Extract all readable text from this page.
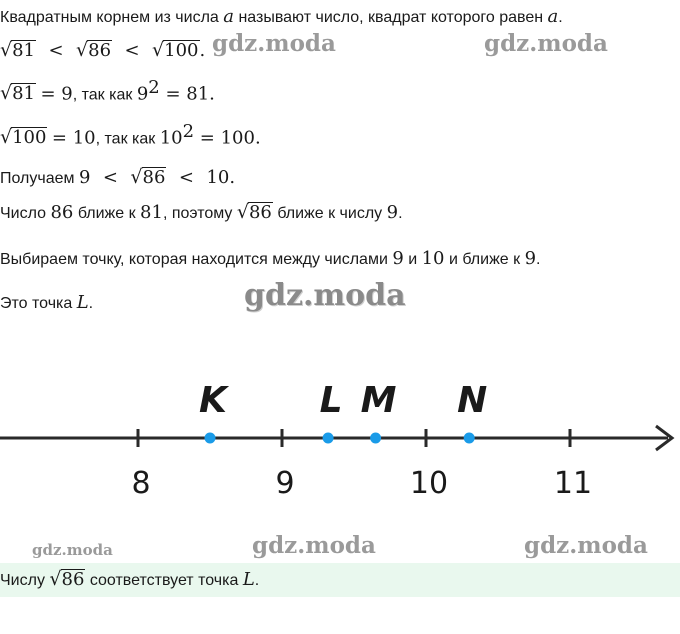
Квадратным корнем из числа a называют число, квадрат которого равен a.
√ 81 < √ 86 < √ 100 .
√ 81 = 9, так как $9^2 = 81$.
√ 100 = 10, так как $10^2 = 100$.
Получаем 9 < √ 86 < 10.
Число 86 ближе к 81, поэтому √ 86 ближе к числу 9.
Выбираем точку, которая находится между числами 9 и 10 и ближе к 9.
Это точка L.
8	9	10	11
K	L M N
gdz.moda	gdz.moda
gdz.moda
gdz.moda	gdz.moda	gdz.moda
Числу √ 86 соответствует точка L.
